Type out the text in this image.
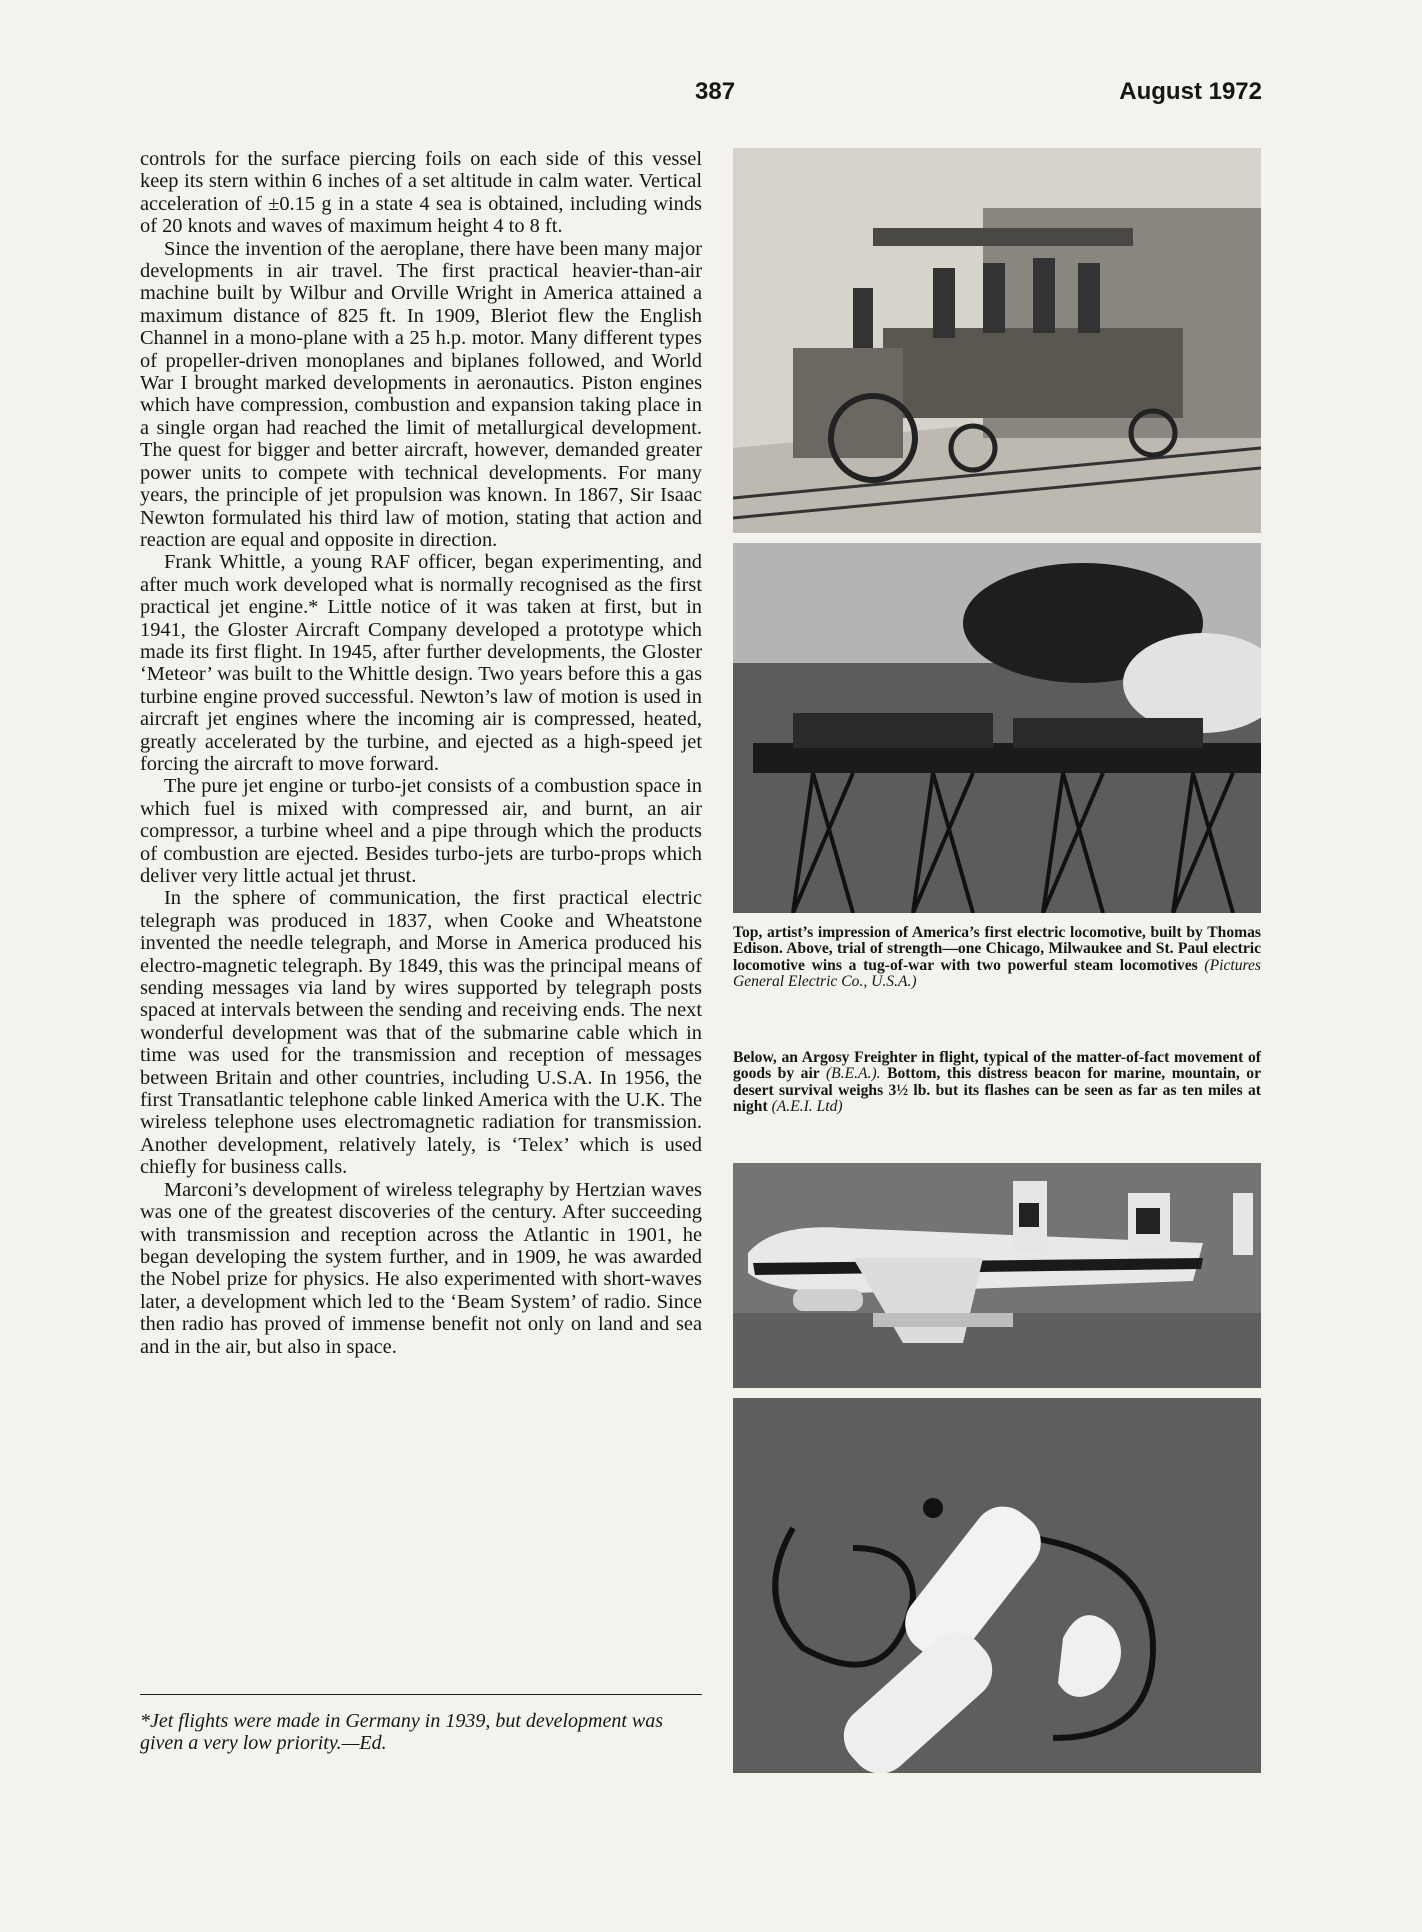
387	August 1972

controls for the surface piercing foils on each side of this vessel keep its stern within 6 inches of a set altitude in calm water. Vertical acceleration of ±0.15 g in a state 4 sea is obtained, including winds of 20 knots and waves of maximum height 4 to 8 ft.

Since the invention of the aeroplane, there have been many major developments in air travel. The first practical heavier-than-air machine built by Wilbur and Orville Wright in America attained a maximum distance of 825 ft. In 1909, Bleriot flew the English Channel in a mono-plane with a 25 h.p. motor. Many different types of propeller-driven monoplanes and biplanes followed, and World War I brought marked developments in aeronautics. Piston engines which have compression, combustion and expansion taking place in a single organ had reached the limit of metallurgical development. The quest for bigger and better aircraft, however, demanded greater power units to compete with technical developments. For many years, the principle of jet propulsion was known. In 1867, Sir Isaac Newton formulated his third law of motion, stating that action and reaction are equal and opposite in direction.

Frank Whittle, a young RAF officer, began experimenting, and after much work developed what is normally recognised as the first practical jet engine.* Little notice of it was taken at first, but in 1941, the Gloster Aircraft Company developed a prototype which made its first flight. In 1945, after further developments, the Gloster ‘Meteor’ was built to the Whittle design. Two years before this a gas turbine engine proved successful. Newton’s law of motion is used in aircraft jet engines where the incoming air is compressed, heated, greatly accelerated by the turbine, and ejected as a high-speed jet forcing the aircraft to move forward.

The pure jet engine or turbo-jet consists of a combustion space in which fuel is mixed with compressed air, and burnt, an air compressor, a turbine wheel and a pipe through which the products of combustion are ejected. Besides turbo-jets are turbo-props which deliver very little actual jet thrust.

In the sphere of communication, the first practical electric telegraph was produced in 1837, when Cooke and Wheatstone invented the needle telegraph, and Morse in America produced his electro-magnetic telegraph. By 1849, this was the principal means of sending messages via land by wires supported by telegraph posts spaced at intervals between the sending and receiving ends. The next wonderful development was that of the submarine cable which in time was used for the transmission and reception of messages between Britain and other countries, including U.S.A. In 1956, the first Transatlantic telephone cable linked America with the U.K. The wireless telephone uses electromagnetic radiation for transmission. Another development, relatively lately, is ‘Telex’ which is used chiefly for business calls.

Marconi’s development of wireless telegraphy by Hertzian waves was one of the greatest discoveries of the century. After succeeding with transmission and reception across the Atlantic in 1901, he began developing the system further, and in 1909, he was awarded the Nobel prize for physics. He also experimented with short-waves later, a development which led to the ‘Beam System’ of radio. Since then radio has proved of immense benefit not only on land and sea and in the air, but also in space.

*Jet flights were made in Germany in 1939, but development was given a very low priority.—Ed.
Top, artist’s impression of America’s first electric locomotive, built by Thomas Edison. Above, trial of strength—one Chicago, Milwaukee and St. Paul electric locomotive wins a tug-of-war with two powerful steam locomotives (Pictures General Electric Co., U.S.A.)
Below, an Argosy Freighter in flight, typical of the matter-of-fact movement of goods by air (B.E.A.). Bottom, this distress beacon for marine, mountain, or desert survival weighs 3½ lb. but its flashes can be seen as far as ten miles at night (A.E.I. Ltd)
